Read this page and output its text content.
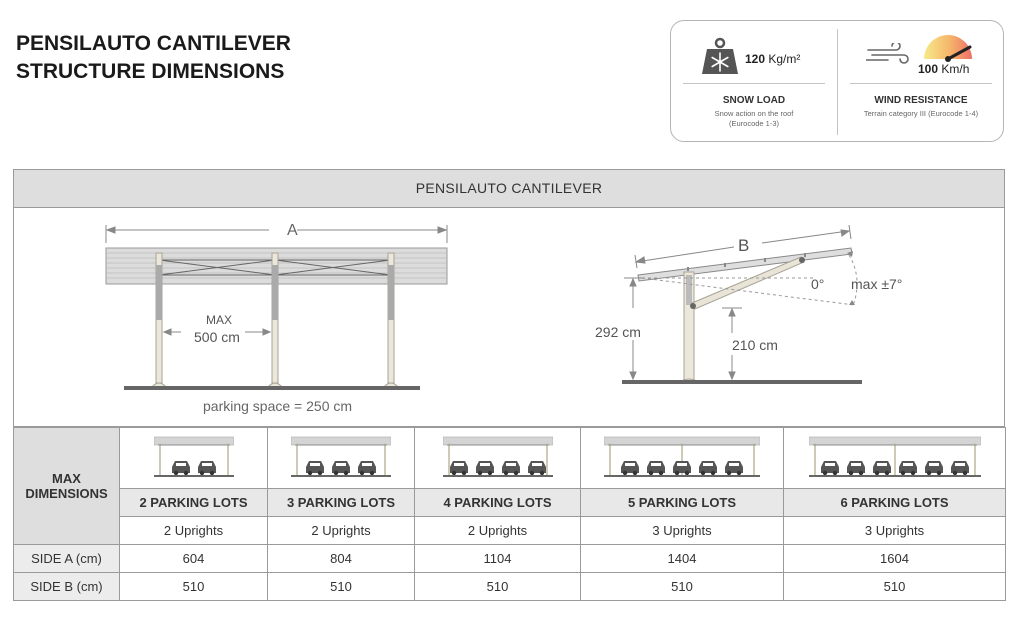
PENSILAUTO CANTILEVER
STRUCTURE DIMENSIONS
120 Kg/m²
SNOW LOAD
Snow action on the roof
(Eurocode 1-3)
100 Km/h
WIND RESISTANCE
Terrain category III (Eurocode 1-4)
PENSILAUTO CANTILEVER
A
MAX
500 cm
parking space = 250 cm
B
0° max ±7°
292 cm
210 cm
MAX DIMENSIONS	

	2 PARKING LOTS	3 PARKING LOTS	4 PARKING LOTS	5 PARKING LOTS	6 PARKING LOTS
	2 Uprights	2 Uprights	2 Uprights	3 Uprights	3 Uprights
SIDE A (cm)	604	804	1104	1404	1604
SIDE B (cm)	510	510	510	510	510
